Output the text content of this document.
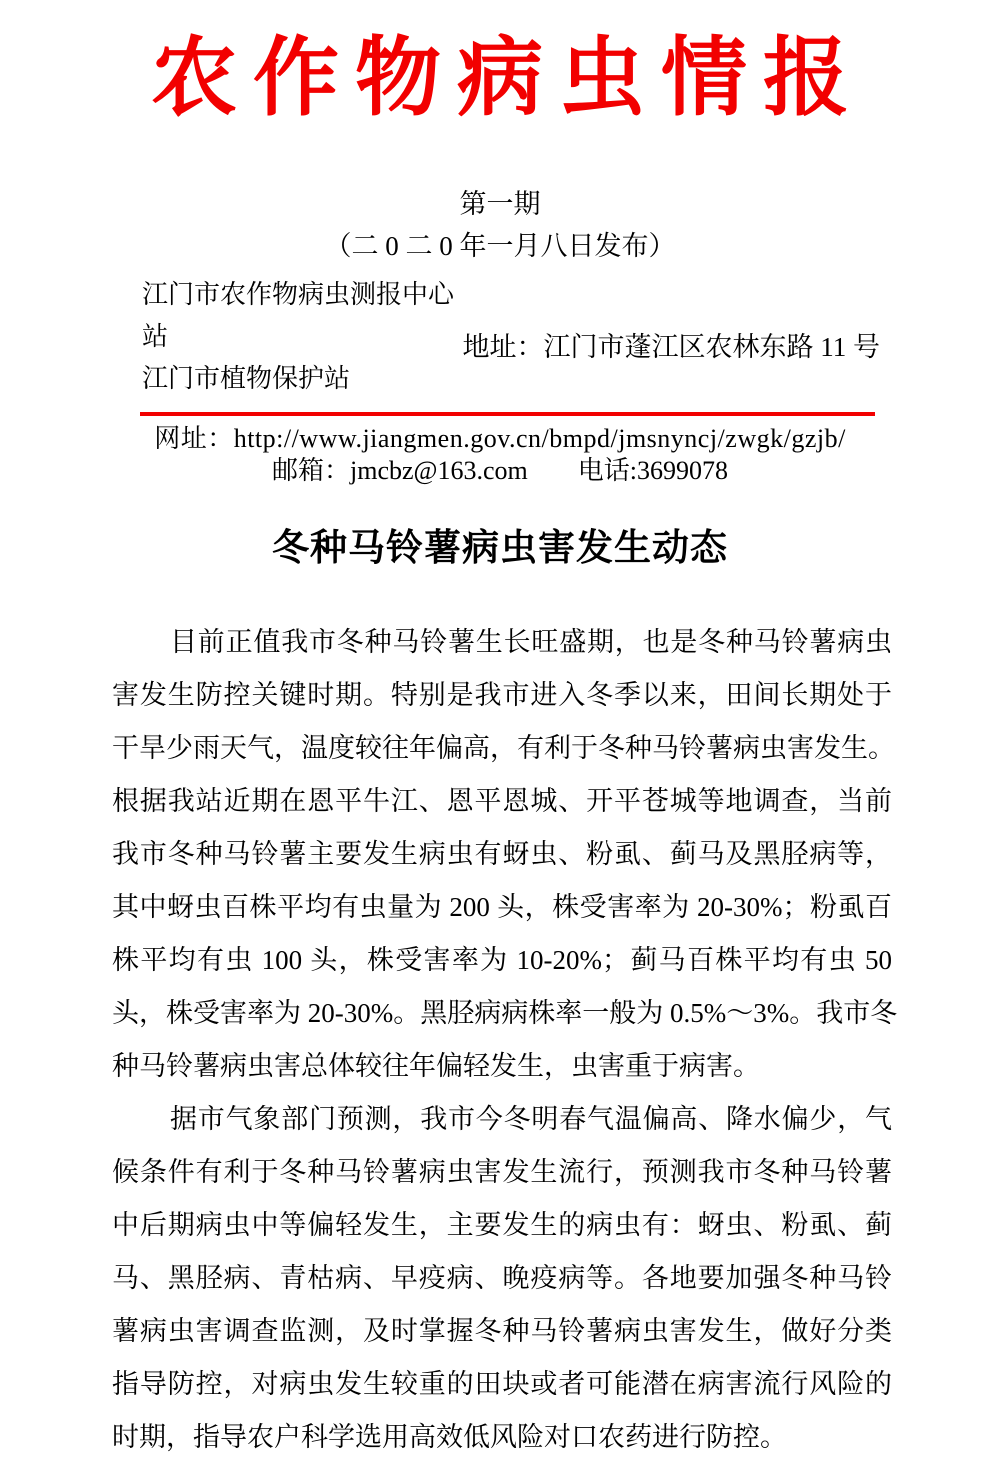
农作物病虫情报
第一期
（二 0 二 0 年一月八日发布）
江门市农作物病虫测报中心站
江门市植物保护站
地址：江门市蓬江区农林东路 11 号
网址：http://www.jiangmen.gov.cn/bmpd/jmsnyncj/zwgk/gzjb/
邮箱：jmcbz@163.com 电话:3699078
冬种马铃薯病虫害发生动态
目前正值我市冬种马铃薯生长旺盛期，也是冬种马铃薯病虫
害发生防控关键时期。特别是我市进入冬季以来，田间长期处于
干旱少雨天气，温度较往年偏高，有利于冬种马铃薯病虫害发生。
根据我站近期在恩平牛江、恩平恩城、开平苍城等地调查，当前
我市冬种马铃薯主要发生病虫有蚜虫、粉虱、蓟马及黑胫病等，
其中蚜虫百株平均有虫量为 200 头，株受害率为 20-30%；粉虱百
株平均有虫 100 头，株受害率为 10-20%；蓟马百株平均有虫 50
头，株受害率为 20-30%。黑胫病病株率一般为 0.5%～3%。我市冬
种马铃薯病虫害总体较往年偏轻发生，虫害重于病害。
据市气象部门预测，我市今冬明春气温偏高、降水偏少，气
候条件有利于冬种马铃薯病虫害发生流行，预测我市冬种马铃薯
中后期病虫中等偏轻发生，主要发生的病虫有：蚜虫、粉虱、蓟
马、黑胫病、青枯病、早疫病、晚疫病等。各地要加强冬种马铃
薯病虫害调查监测，及时掌握冬种马铃薯病虫害发生，做好分类
指导防控，对病虫发生较重的田块或者可能潜在病害流行风险的
时期，指导农户科学选用高效低风险对口农药进行防控。
